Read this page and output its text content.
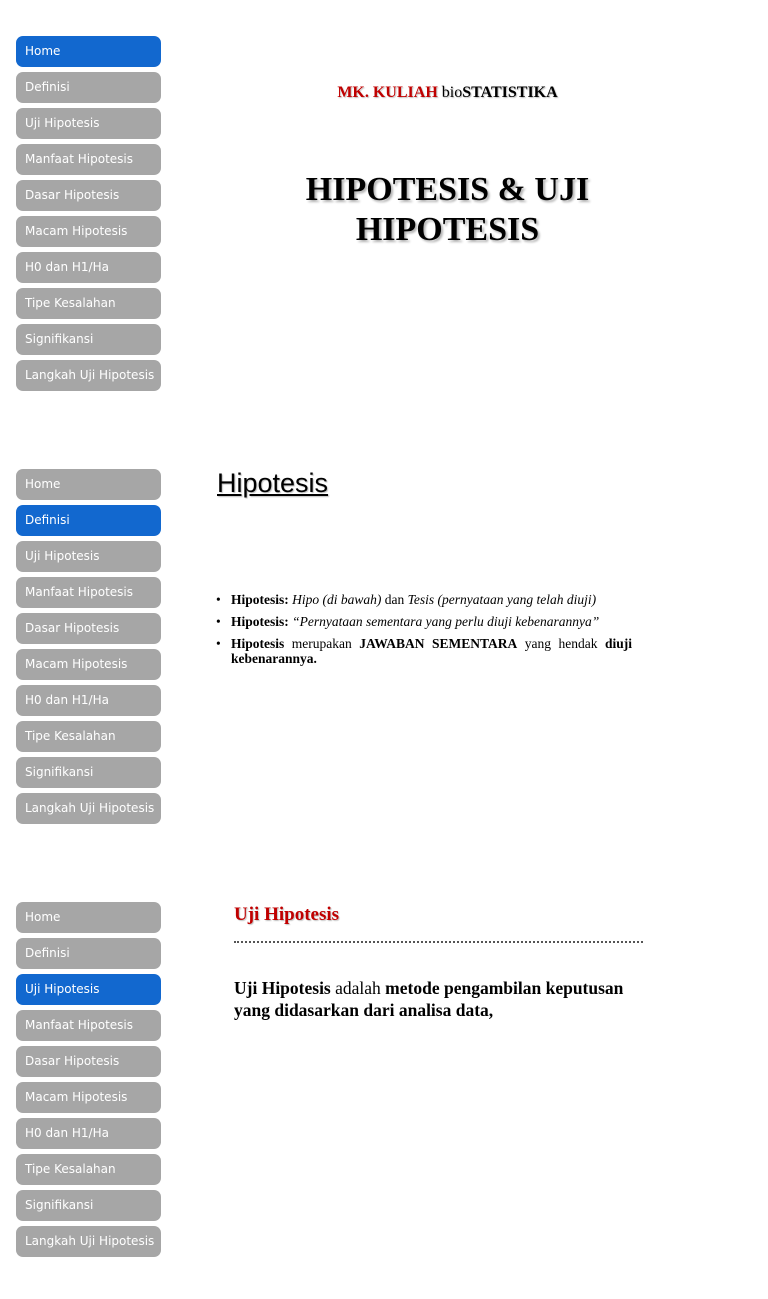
Home
Definisi
Uji Hipotesis
Manfaat Hipotesis
Dasar Hipotesis
Macam Hipotesis
H0 dan H1/Ha
Tipe Kesalahan
Signifikansi
Langkah Uji Hipotesis
MK. KULIAH bioSTATISTIKA
HIPOTESIS & UJI
HIPOTESIS
Home
Definisi
Uji Hipotesis
Manfaat Hipotesis
Dasar Hipotesis
Macam Hipotesis
H0 dan H1/Ha
Tipe Kesalahan
Signifikansi
Langkah Uji Hipotesis
Hipotesis
• Hipotesis: Hipo (di bawah) dan Tesis (pernyataan yang telah diuji)
• Hipotesis: “Pernyataan sementara yang perlu diuji kebenarannya”
• Hipotesis merupakan JAWABAN SEMENTARA yang hendak diuji kebenarannya.
Home
Definisi
Uji Hipotesis
Manfaat Hipotesis
Dasar Hipotesis
Macam Hipotesis
H0 dan H1/Ha
Tipe Kesalahan
Signifikansi
Langkah Uji Hipotesis
Uji Hipotesis

Uji Hipotesis adalah metode pengambilan keputusan yang didasarkan dari analisa data,
